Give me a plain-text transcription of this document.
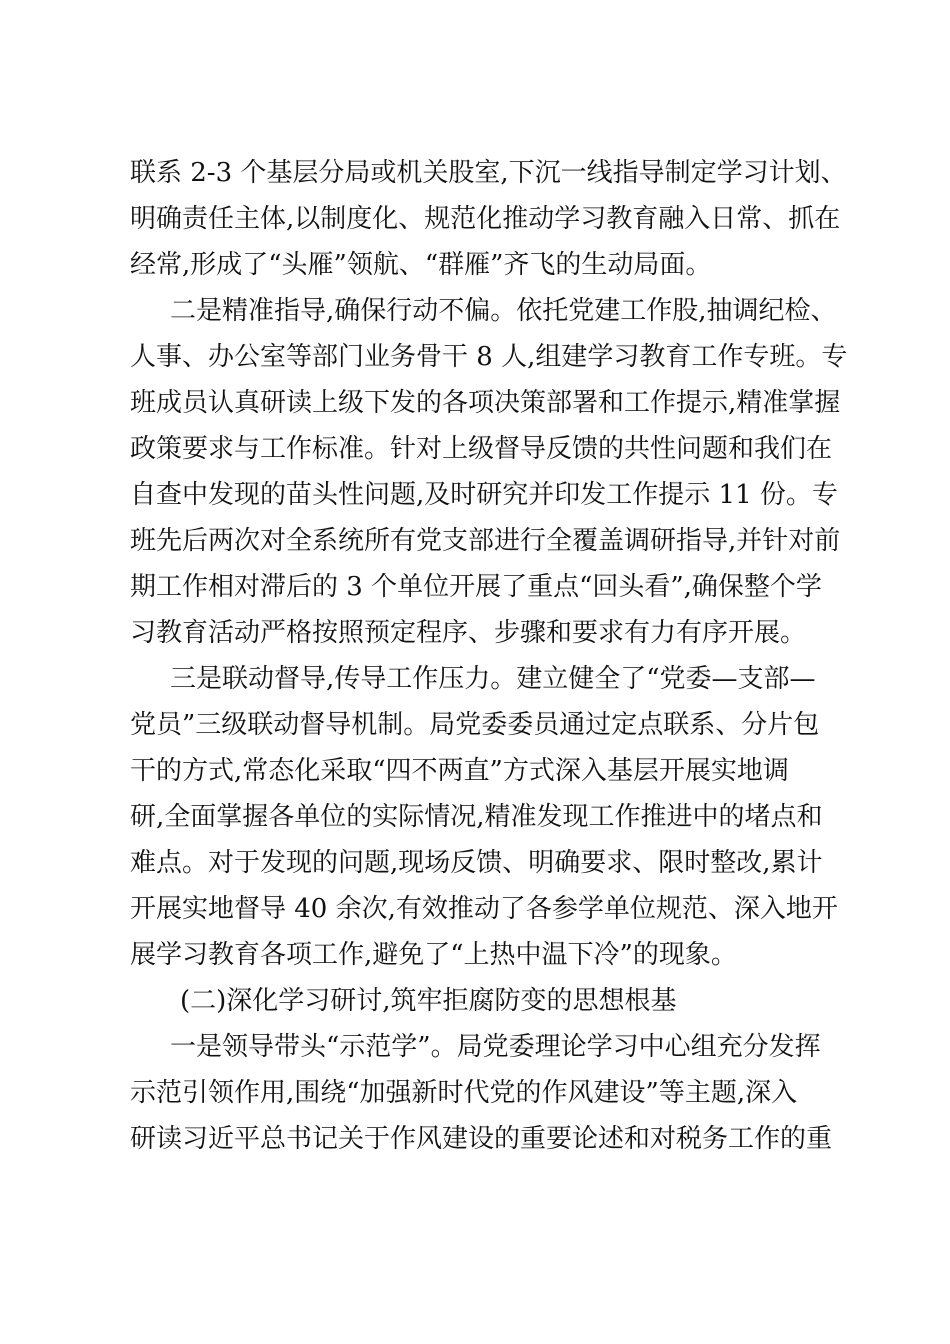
联系 2-3 个基层分局或机关股室,下沉一线指导制定学习计划、
明确责任主体,以制度化、规范化推动学习教育融入日常、抓在
经常,形成了“头雁”领航、“群雁”齐飞的生动局面。
二是精准指导,确保行动不偏。依托党建工作股,抽调纪检、
人事、办公室等部门业务骨干 8 人,组建学习教育工作专班。专
班成员认真研读上级下发的各项决策部署和工作提示,精准掌握
政策要求与工作标准。针对上级督导反馈的共性问题和我们在
自查中发现的苗头性问题,及时研究并印发工作提示 11 份。专
班先后两次对全系统所有党支部进行全覆盖调研指导,并针对前
期工作相对滞后的 3 个单位开展了重点“回头看”,确保整个学
习教育活动严格按照预定程序、步骤和要求有力有序开展。
三是联动督导,传导工作压力。建立健全了“党委—支部—
党员”三级联动督导机制。局党委委员通过定点联系、分片包
干的方式,常态化采取“四不两直”方式深入基层开展实地调
研,全面掌握各单位的实际情况,精准发现工作推进中的堵点和
难点。对于发现的问题,现场反馈、明确要求、限时整改,累计
开展实地督导 40 余次,有效推动了各参学单位规范、深入地开
展学习教育各项工作,避免了“上热中温下冷”的现象。
(二)深化学习研讨,筑牢拒腐防变的思想根基
一是领导带头“示范学”。局党委理论学习中心组充分发挥
示范引领作用,围绕“加强新时代党的作风建设”等主题,深入
研读习近平总书记关于作风建设的重要论述和对税务工作的重
